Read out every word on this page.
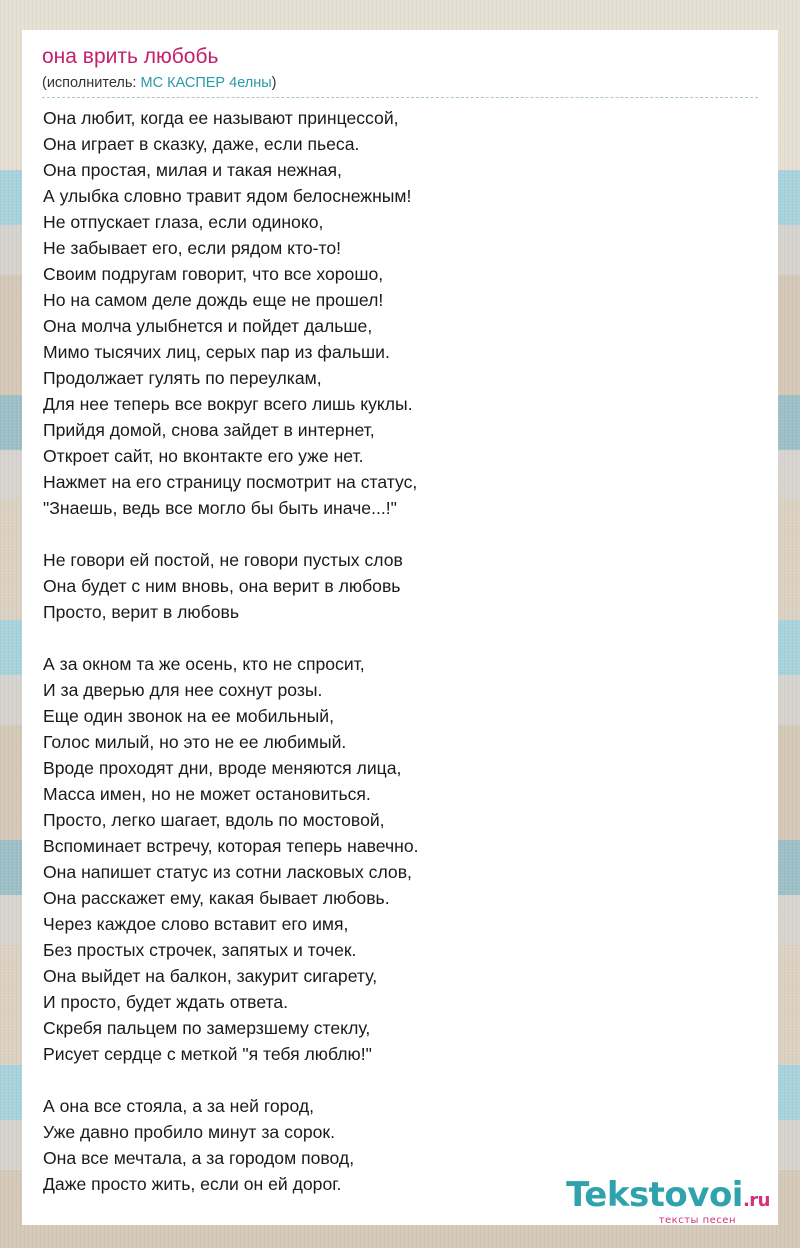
она врить любобь
(исполнитель: MC КАСПЕР 4елны)
Она любит, когда ее называют принцессой,
Она играет в сказку, даже, если пьеса.
Она простая, милая и такая нежная,
А улыбка словно травит ядом белоснежным!
Не отпускает глаза, если одиноко,
Не забывает его, если рядом кто-то!
Своим подругам говорит, что все хорошо,
Но на самом деле дождь еще не прошел!
Она молча улыбнется и пойдет дальше,
Мимо тысячих лиц, серых пар из фальши.
Продолжает гулять по переулкам,
Для нее теперь все вокруг всего лишь куклы.
Прийдя домой, снова зайдет в интернет,
Откроет сайт, но вконтакте его уже нет.
Нажмет на его страницу посмотрит на статус,
"Знаешь, ведь все могло бы быть иначе...!"
Не говори ей постой, не говори пустых слов
Она будет с ним вновь, она верит в любовь
Просто, верит в любовь
А за окном та же осень, кто не спросит,
И за дверью для нее сохнут розы.
Еще один звонок на ее мобильный,
Голос милый, но это не ее любимый.
Вроде проходят дни, вроде меняются лица,
Масса имен, но не может остановиться.
Просто, легко шагает, вдоль по мостовой,
Вспоминает встречу, которая теперь навечно.
Она напишет статус из сотни ласковых слов,
Она расскажет ему, какая бывает любовь.
Через каждое слово вставит его имя,
Без простых строчек, запятых и точек.
Она выйдет на балкон, закурит сигарету,
И просто, будет ждать ответа.
Скребя пальцем по замерзшему стеклу,
Рисует сердце с меткой "я тебя люблю!"
А она все стояла, а за ней город,
Уже давно пробило минут за сорок.
Она все мечтала, а за городом повод,
Даже просто жить, если он ей дорог.	Tekstovoi.ru
тексты песен
